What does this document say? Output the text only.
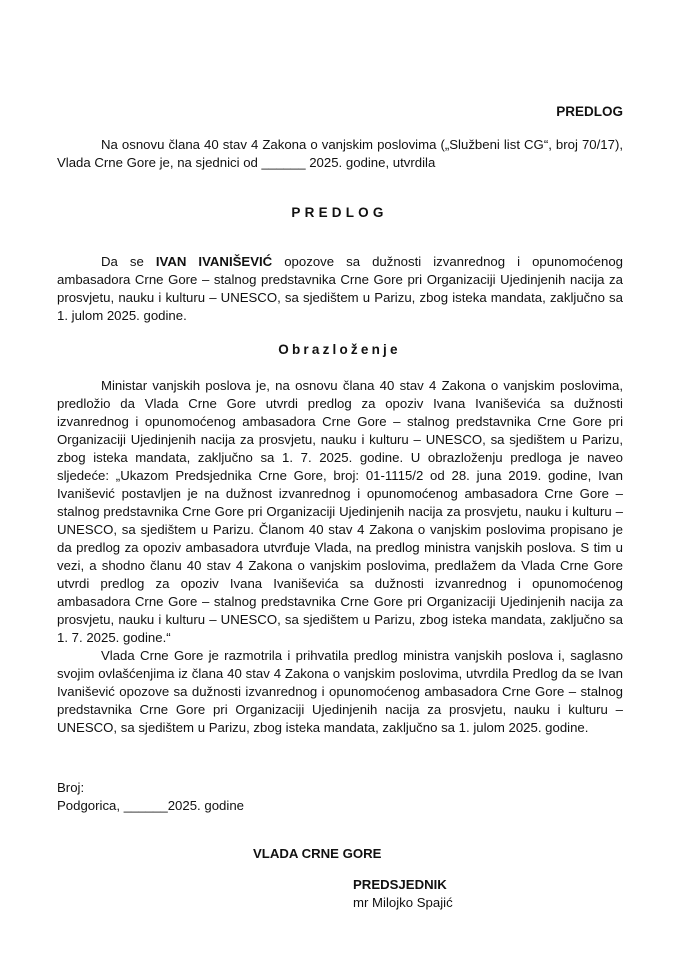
PREDLOG

Na osnovu člana 40 stav 4 Zakona o vanjskim poslovima („Službeni list CG“, broj 70/17), Vlada Crne Gore je, na sjednici od ______ 2025. godine, utvrdila

PREDLOG

Da se IVAN IVANIŠEVIĆ opozove sa dužnosti izvanrednog i opunomoćenog ambasadora Crne Gore – stalnog predstavnika Crne Gore pri Organizaciji Ujedinjenih nacija za prosvjetu, nauku i kulturu – UNESCO, sa sjedištem u Parizu, zbog isteka mandata, zaključno sa 1. julom 2025. godine.

Obrazloženje

Ministar vanjskih poslova je, na osnovu člana 40 stav 4 Zakona o vanjskim poslovima, predložio da Vlada Crne Gore utvrdi predlog za opoziv Ivana Ivaniševića sa dužnosti izvanrednog i opunomoćenog ambasadora Crne Gore – stalnog predstavnika Crne Gore pri Organizaciji Ujedinjenih nacija za prosvjetu, nauku i kulturu – UNESCO, sa sjedištem u Parizu, zbog isteka mandata, zaključno sa 1. 7. 2025. godine. U obrazloženju predloga je naveo sljedeće: „Ukazom Predsjednika Crne Gore, broj: 01-1115/2 od 28. juna 2019. godine, Ivan Ivanišević postavljen je na dužnost izvanrednog i opunomoćenog ambasadora Crne Gore – stalnog predstavnika Crne Gore pri Organizaciji Ujedinjenih nacija za prosvjetu, nauku i kulturu – UNESCO, sa sjedištem u Parizu. Članom 40 stav 4 Zakona o vanjskim poslovima propisano je da predlog za opoziv ambasadora utvrđuje Vlada, na predlog ministra vanjskih poslova. S tim u vezi, a shodno članu 40 stav 4 Zakona o vanjskim poslovima, predlažem da Vlada Crne Gore utvrdi predlog za opoziv Ivana Ivaniševića sa dužnosti izvanrednog i opunomoćenog ambasadora Crne Gore – stalnog predstavnika Crne Gore pri Organizaciji Ujedinjenih nacija za prosvjetu, nauku i kulturu – UNESCO, sa sjedištem u Parizu, zbog isteka mandata, zaključno sa 1. 7. 2025. godine.“

Vlada Crne Gore je razmotrila i prihvatila predlog ministra vanjskih poslova i, saglasno svojim ovlašćenjima iz člana 40 stav 4 Zakona o vanjskim poslovima, utvrdila Predlog da se Ivan Ivanišević opozove sa dužnosti izvanrednog i opunomoćenog ambasadora Crne Gore – stalnog predstavnika Crne Gore pri Organizaciji Ujedinjenih nacija za prosvjetu, nauku i kulturu – UNESCO, sa sjedištem u Parizu, zbog isteka mandata, zaključno sa 1. julom 2025. godine.

Broj:
Podgorica, ______2025. godine
VLADA CRNE GORE
PREDSJEDNIK
mr Milojko Spajić
